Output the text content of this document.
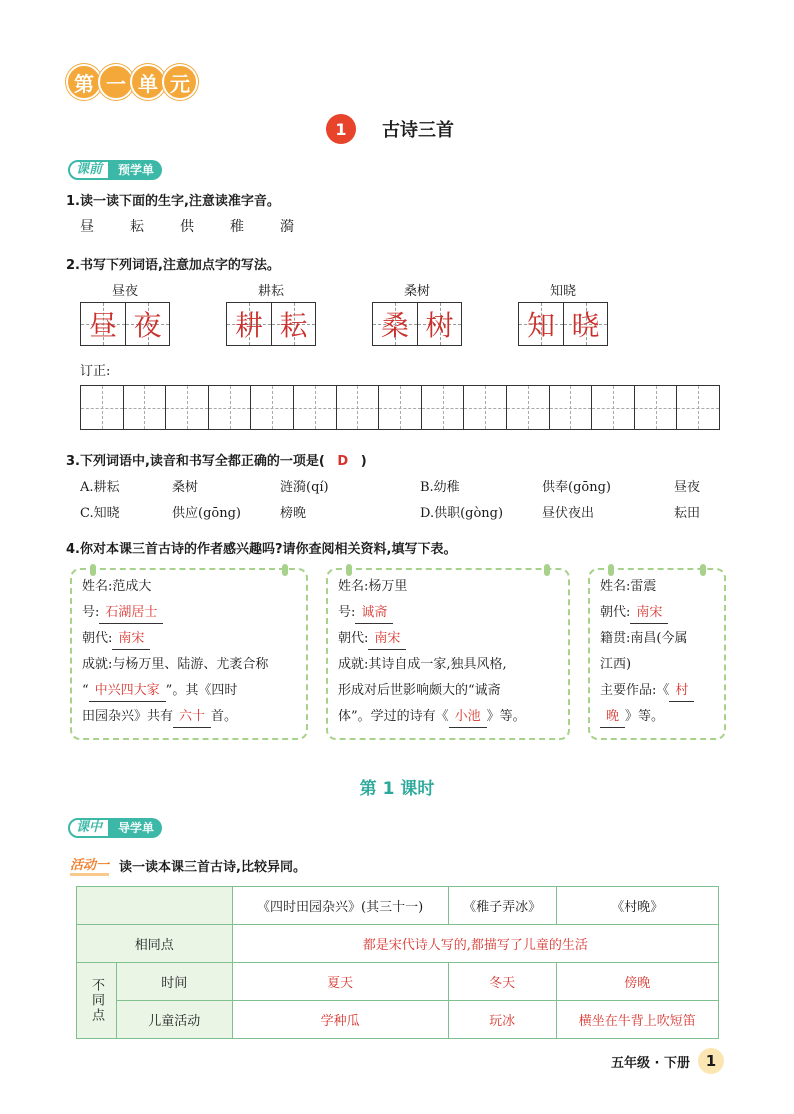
第 一 单 元
1	古诗三首
课前	预学单
1.读一读下面的生字,注意读准字音。
昼	耘	供	稚	漪
2.书写下列词语,注意加点字的写法。
昼夜
昼 夜
耕耘
耕 耘
桑树
桑 树
知晓
知 晓
订正:
3.下列词语中,读音和书写全都正确的一项是( D )
A.耕耘	桑树	涟漪(qí)	B.幼稚	供奉(gōng)	昼夜
C.知晓	供应(gōng)	榜晚	D.供职(gòng)	昼伏夜出	耘田
4.你对本课三首古诗的作者感兴趣吗?请你查阅相关资料,填写下表。
姓名:范成大
号: 石湖居士
朝代: 南宋
成就:与杨万里、陆游、尤袤合称
“ 中兴四大家 ”。其《四时
田园杂兴》共有 六十 首。
姓名:杨万里
号: 诚斋
朝代: 南宋
成就:其诗自成一家,独具风格,
形成对后世影响颇大的“诚斋
体”。学过的诗有《 小池 》等。
姓名:雷震
朝代: 南宋
籍贯:南昌(今属
江西)
主要作品:《 村
晚 》等。
第 1 课时
课中	导学单
活动一 读一读本课三首古诗,比较异同。
		《四时田园杂兴》(其三十一)	《稚子弄冰》	《村晚》
相同点		都是宋代诗人写的,都描写了儿童的生活		
不同点	时间	夏天	冬天	傍晚
	儿童活动	学种瓜	玩冰	横坐在牛背上吹短笛
五年级 · 下册	1
